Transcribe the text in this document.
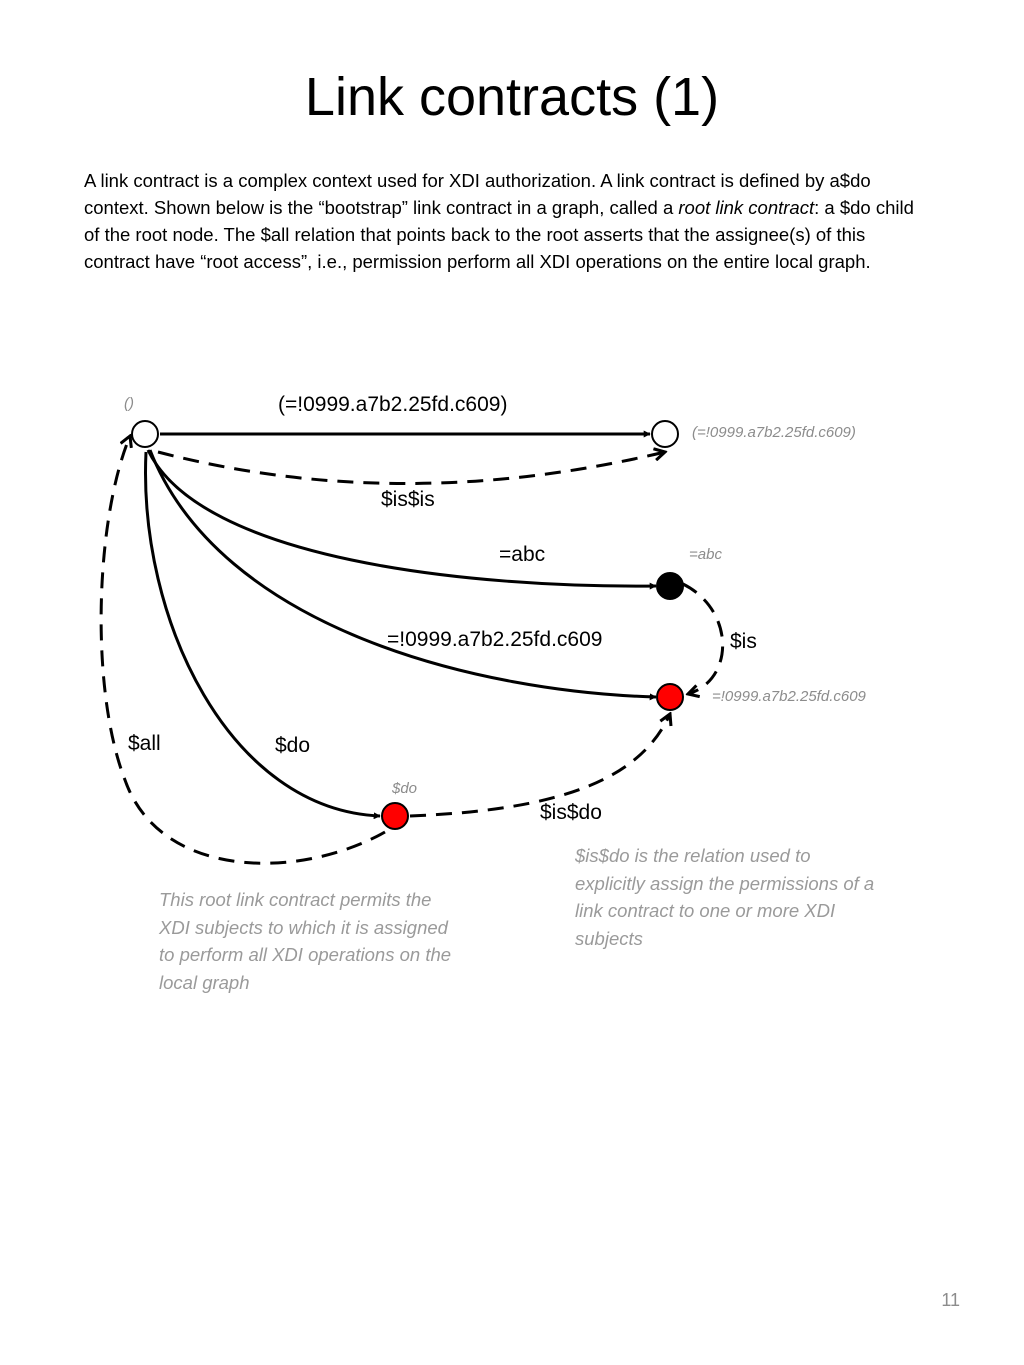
Link contracts (1)

A link contract is a complex context used for XDI authorization. A link contract is defined by a$do context. Shown below is the “bootstrap” link contract in a graph, called a root link contract: a $do child of the root node. The $all relation that points back to the root asserts that the assignee(s) of this contract have “root access”, i.e., permission perform all XDI operations on the entire local graph.

()
(=!0999.a7b2.25fd.c609)
=abc
=!0999.a7b2.25fd.c609
$do
(=!0999.a7b2.25fd.c609)
$is$is
=abc
=!0999.a7b2.25fd.c609	$is
$do
$all
$is$do

This root link contract permits the XDI subjects to which it is assigned to perform all XDI operations on the local graph

$is$do is the relation used to explicitly assign the permissions of a link contract to one or more XDI subjects

11
